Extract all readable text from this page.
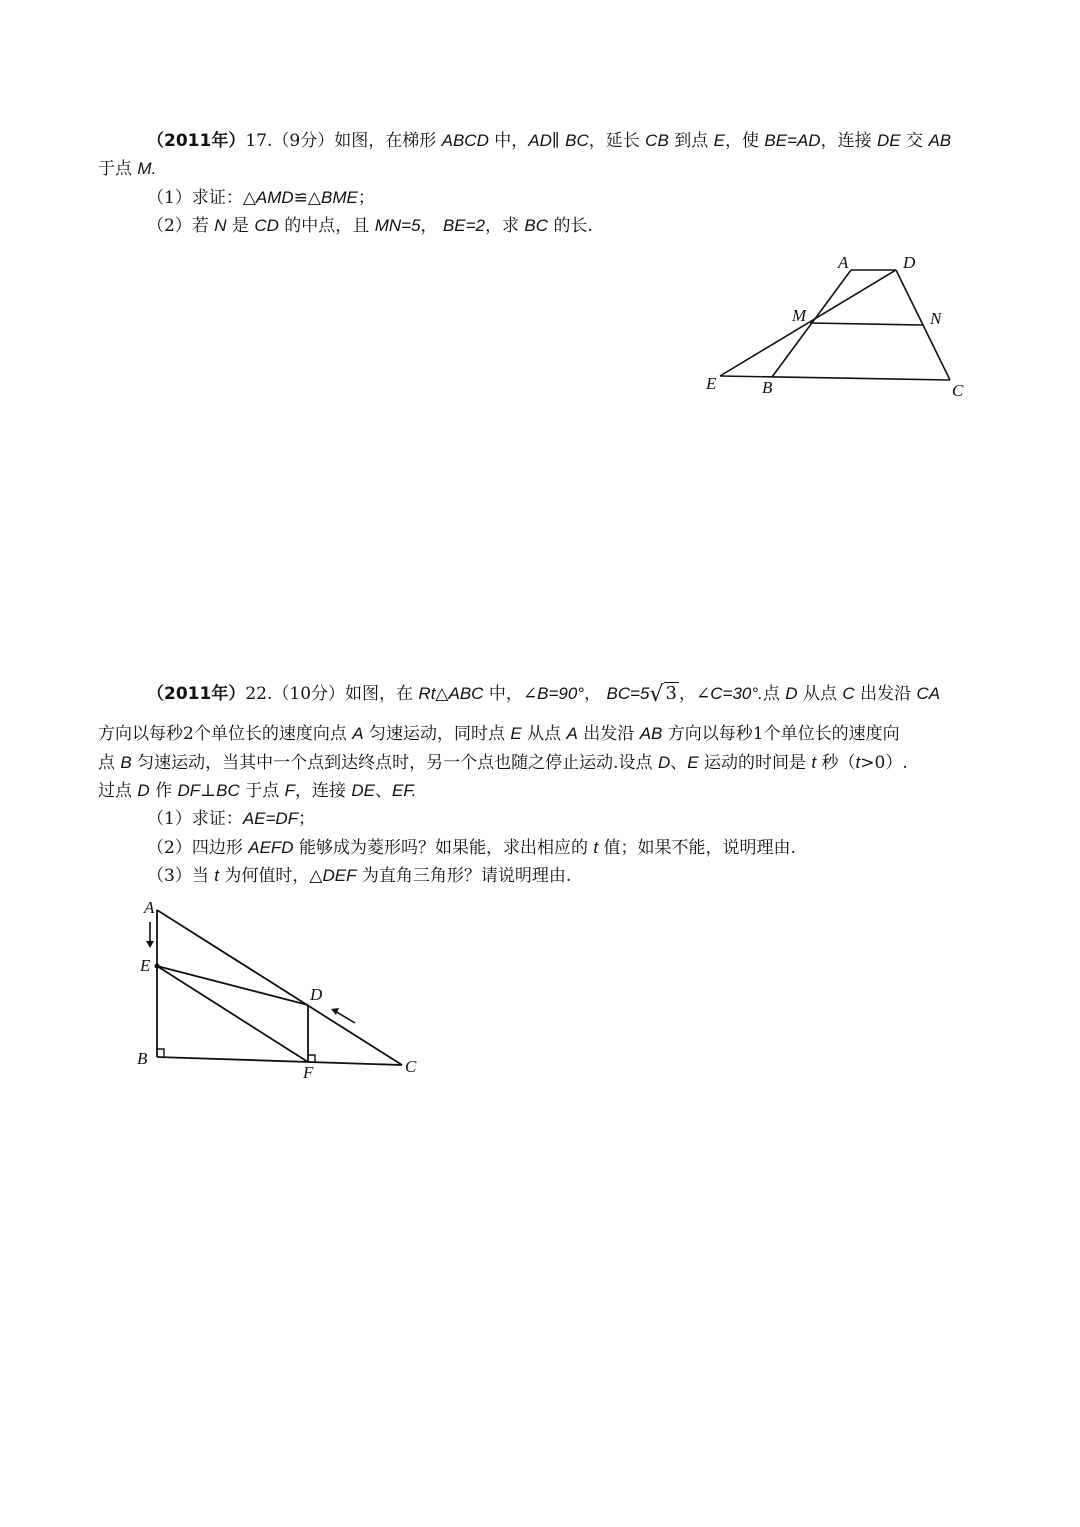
（2011年）17.（9分）如图，在梯形 ABCD 中，AD∥ BC，延长 CB 到点 E，使 BE=AD，连接 DE 交 AB
于点 M.
（1）求证：△AMD≌△BME；
（2）若 N 是 CD 的中点，且 MN=5， BE=2，求 BC 的长.
A	D
M	N
E	B	C
（2011年）22.（10分）如图，在 Rt△ABC 中，∠B=90°， BC=5√ 3 ，∠C=30°.点 D 从点 C 出发沿 CA
方向以每秒2个单位长的速度向点 A 匀速运动，同时点 E 从点 A 出发沿 AB 方向以每秒1个单位长的速度向
点 B 匀速运动，当其中一个点到达终点时，另一个点也随之停止运动.设点 D、E 运动的时间是 t 秒（t>0）.
过点 D 作 DF⊥BC 于点 F，连接 DE、EF.
（1）求证：AE=DF；
（2）四边形 AEFD 能够成为菱形吗？如果能，求出相应的 t 值；如果不能，说明理由.
（3）当 t 为何值时，△DEF 为直角三角形？请说明理由.
A
E
D
B
F	C
